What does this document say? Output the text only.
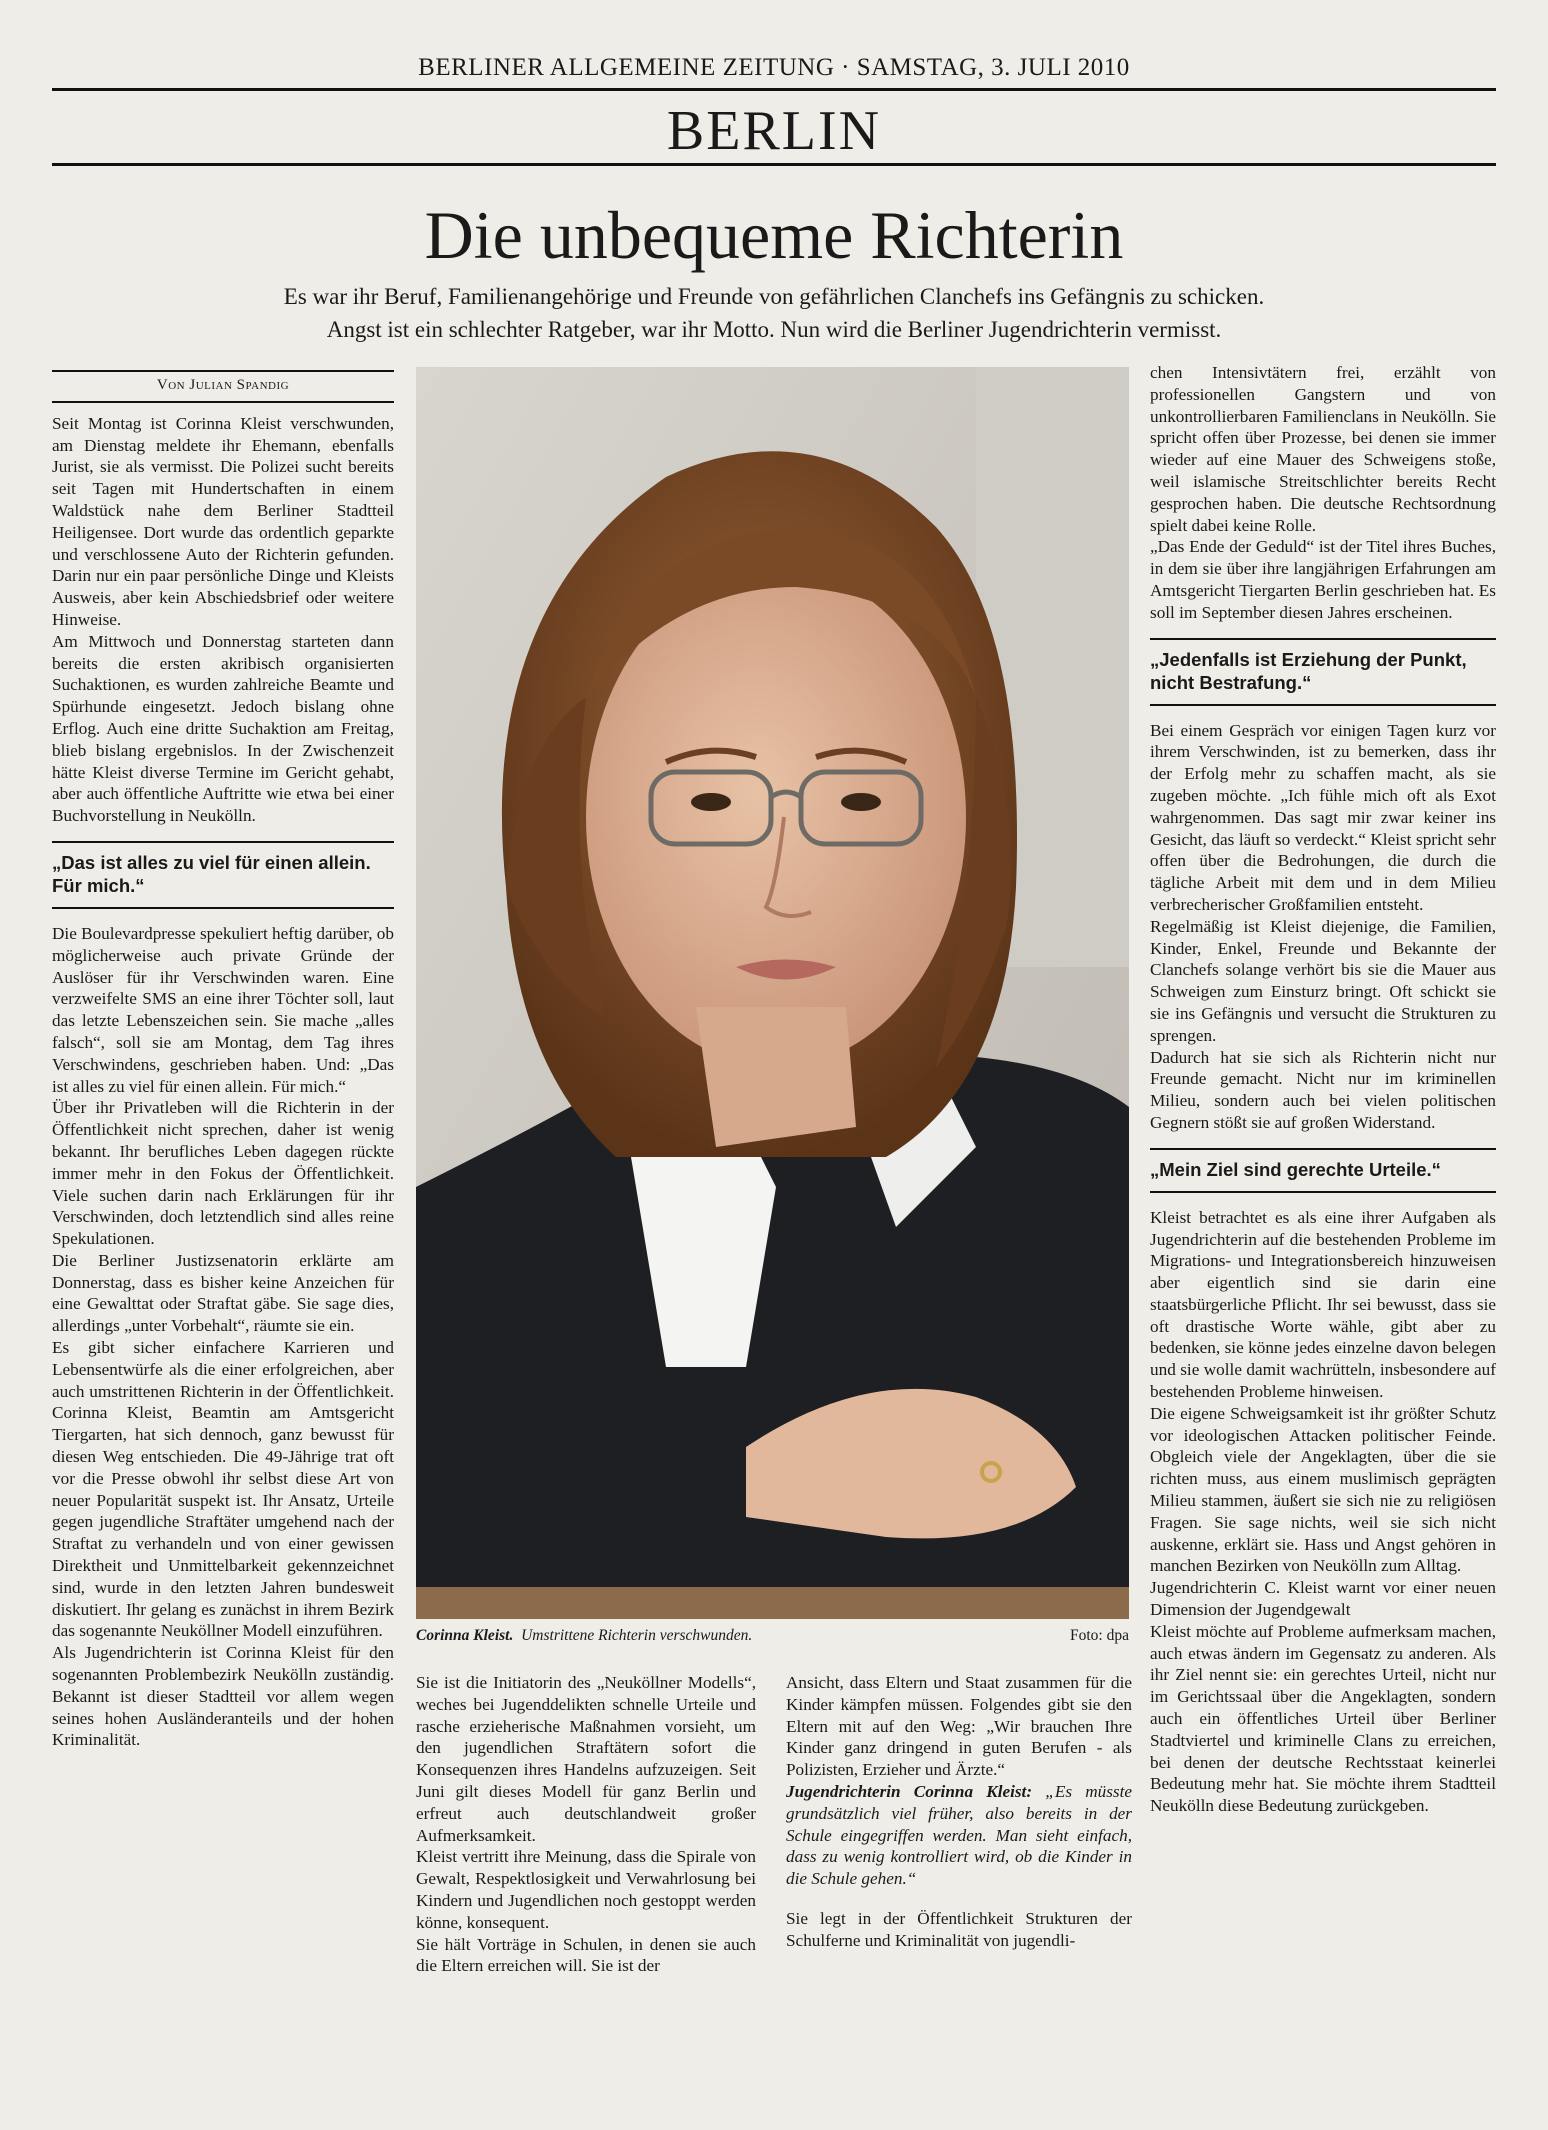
BERLINER ALLGEMEINE ZEITUNG · SAMSTAG, 3. JULI 2010
BERLIN
Die unbequeme Richterin
Es war ihr Beruf, Familienangehörige und Freunde von gefährlichen Clanchefs ins Gefängnis zu schicken.
Angst ist ein schlechter Ratgeber, war ihr Motto. Nun wird die Berliner Jugendrichterin vermisst.
Von Julian Spandig

Seit Montag ist Corinna Kleist verschwunden, am Dienstag meldete ihr Ehemann, ebenfalls Jurist, sie als vermisst. Die Polizei sucht bereits seit Tagen mit Hundertschaften in einem Waldstück nahe dem Berliner Stadtteil Heiligensee. Dort wurde das ordentlich geparkte und verschlossene Auto der Richterin gefunden. Darin nur ein paar persönliche Dinge und Kleists Ausweis, aber kein Abschiedsbrief oder weitere Hinweise.

Am Mittwoch und Donnerstag starteten dann bereits die ersten akribisch organisierten Suchaktionen, es wurden zahlreiche Beamte und Spürhunde eingesetzt. Jedoch bislang ohne Erflog. Auch eine dritte Suchaktion am Freitag, blieb bislang ergebnislos. In der Zwischenzeit hätte Kleist diverse Termine im Gericht gehabt, aber auch öffentliche Auftritte wie etwa bei einer Buchvorstellung in Neukölln.

„Das ist alles zu viel für einen allein. Für mich.“

Die Boulevardpresse spekuliert heftig darüber, ob möglicherweise auch private Gründe der Auslöser für ihr Verschwinden waren. Eine verzweifelte SMS an eine ihrer Töchter soll, laut das letzte Lebenszeichen sein. Sie mache „alles falsch“, soll sie am Montag, dem Tag ihres Verschwindens, geschrieben haben. Und: „Das ist alles zu viel für einen allein. Für mich.“

Über ihr Privatleben will die Richterin in der Öffentlichkeit nicht sprechen, daher ist wenig bekannt. Ihr berufliches Leben dagegen rückte immer mehr in den Fokus der Öffentlichkeit. Viele suchen darin nach Erklärungen für ihr Verschwinden, doch letztendlich sind alles reine Spekulationen.

Die Berliner Justizsenatorin erklärte am Donnerstag, dass es bisher keine Anzeichen für eine Gewalttat oder Straftat gäbe. Sie sage dies, allerdings „unter Vorbehalt“, räumte sie ein.

Es gibt sicher einfachere Karrieren und Lebensentwürfe als die einer erfolgreichen, aber auch umstrittenen Richterin in der Öffentlichkeit. Corinna Kleist, Beamtin am Amtsgericht Tiergarten, hat sich dennoch, ganz bewusst für diesen Weg entschieden. Die 49-Jährige trat oft vor die Presse obwohl ihr selbst diese Art von neuer Popularität suspekt ist. Ihr Ansatz, Urteile gegen jugendliche Straftäter umgehend nach der Straftat zu verhandeln und von einer gewissen Direktheit und Unmittelbarkeit gekennzeichnet sind, wurde in den letzten Jahren bundesweit diskutiert. Ihr gelang es zunächst in ihrem Bezirk das sogenannte Neuköllner Modell einzuführen.

Als Jugendrichterin ist Corinna Kleist für den sogenannten Problembezirk Neukölln zuständig. Bekannt ist dieser Stadtteil vor allem wegen seines hohen Ausländeranteils und der hohen Kriminalität.

Corinna Kleist. Umstrittene Richterin verschwunden.	Foto: dpa

Sie ist die Initiatorin des „Neuköllner Modells“, weches bei Jugenddelikten schnelle Urteile und rasche erzieherische Maßnahmen vorsieht, um den jugendlichen Straftätern sofort die Konsequenzen ihres Handelns aufzuzeigen. Seit Juni gilt dieses Modell für ganz Berlin und erfreut auch deutschlandweit großer Aufmerksamkeit.

Kleist vertritt ihre Meinung, dass die Spirale von Gewalt, Respektlosigkeit und Verwahrlosung bei Kindern und Jugendlichen noch gestoppt werden könne, konsequent.

Sie hält Vorträge in Schulen, in denen sie auch die Eltern erreichen will. Sie ist der

Ansicht, dass Eltern und Staat zusammen für die Kinder kämpfen müssen. Folgendes gibt sie den Eltern mit auf den Weg: „Wir brauchen Ihre Kinder ganz dringend in guten Berufen - als Polizisten, Erzieher und Ärzte.“

Jugendrichterin Corinna Kleist: „Es müsste grundsätzlich viel früher, also bereits in der Schule eingegriffen werden. Man sieht einfach, dass zu wenig kontrolliert wird, ob die Kinder in die Schule gehen.“

Sie legt in der Öffentlichkeit Strukturen der Schulferne und Kriminalität von jugendli-

chen Intensivtätern frei, erzählt von professionellen Gangstern und von unkontrollierbaren Familienclans in Neukölln. Sie spricht offen über Prozesse, bei denen sie immer wieder auf eine Mauer des Schweigens stoße, weil islamische Streitschlichter bereits Recht gesprochen haben. Die deutsche Rechtsordnung spielt dabei keine Rolle.

„Das Ende der Geduld“ ist der Titel ihres Buches, in dem sie über ihre langjährigen Erfahrungen am Amtsgericht Tiergarten Berlin geschrieben hat. Es soll im September diesen Jahres erscheinen.

„Jedenfalls ist Erziehung der Punkt, nicht Bestrafung.“

Bei einem Gespräch vor einigen Tagen kurz vor ihrem Verschwinden, ist zu bemerken, dass ihr der Erfolg mehr zu schaffen macht, als sie zugeben möchte. „Ich fühle mich oft als Exot wahrgenommen. Das sagt mir zwar keiner ins Gesicht, das läuft so verdeckt.“ Kleist spricht sehr offen über die Bedrohungen, die durch die tägliche Arbeit mit dem und in dem Milieu verbrecherischer Großfamilien entsteht.

Regelmäßig ist Kleist diejenige, die Familien, Kinder, Enkel, Freunde und Bekannte der Clanchefs solange verhört bis sie die Mauer aus Schweigen zum Einsturz bringt. Oft schickt sie sie ins Gefängnis und versucht die Strukturen zu sprengen.

Dadurch hat sie sich als Richterin nicht nur Freunde gemacht. Nicht nur im kriminellen Milieu, sondern auch bei vielen politischen Gegnern stößt sie auf großen Widerstand.

„Mein Ziel sind gerechte Urteile.“

Kleist betrachtet es als eine ihrer Aufgaben als Jugendrichterin auf die bestehenden Probleme im Migrations- und Integrationsbereich hinzuweisen aber eigentlich sind sie darin eine staatsbürgerliche Pflicht. Ihr sei bewusst, dass sie oft drastische Worte wähle, gibt aber zu bedenken, sie könne jedes einzelne davon belegen und sie wolle damit wachrütteln, insbesondere auf bestehenden Probleme hinweisen.

Die eigene Schweigsamkeit ist ihr größter Schutz vor ideologischen Attacken politischer Feinde. Obgleich viele der Angeklagten, über die sie richten muss, aus einem muslimisch geprägten Milieu stammen, äußert sie sich nie zu religiösen Fragen. Sie sage nichts, weil sie sich nicht auskenne, erklärt sie. Hass und Angst gehören in manchen Bezirken von Neukölln zum Alltag.

Jugendrichterin C. Kleist warnt vor einer neuen Dimension der Jugendgewalt

Kleist möchte auf Probleme aufmerksam machen, auch etwas ändern im Gegensatz zu anderen. Als ihr Ziel nennt sie: ein gerechtes Urteil, nicht nur im Gerichtssaal über die Angeklagten, sondern auch ein öffentliches Urteil über Berliner Stadtviertel und kriminelle Clans zu erreichen, bei denen der deutsche Rechtsstaat keinerlei Bedeutung mehr hat. Sie möchte ihrem Stadtteil Neukölln diese Bedeutung zurückgeben.
